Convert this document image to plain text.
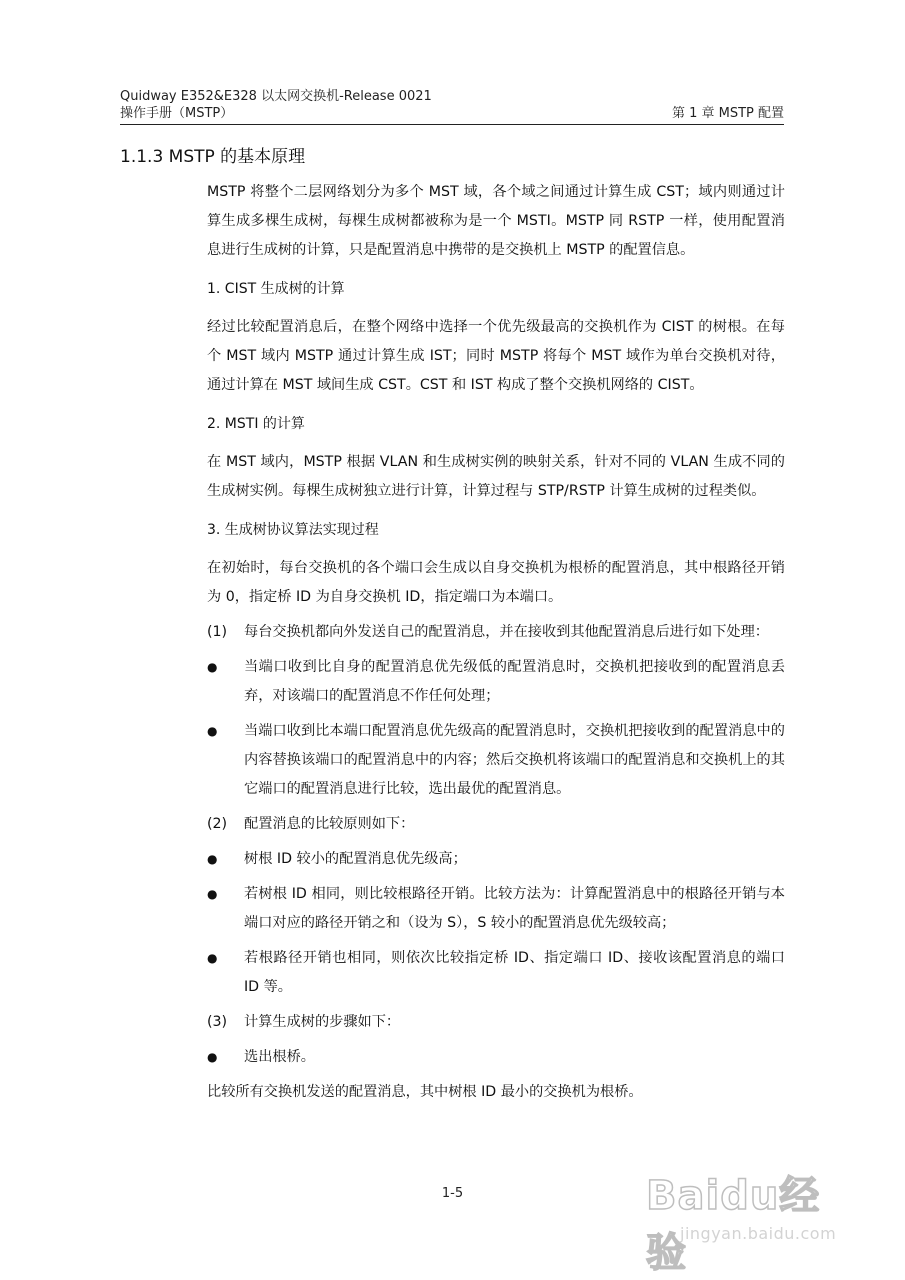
Quidway E352&E328 以太网交换机-Release 0021
操作手册（MSTP）	第 1 章 MSTP 配置
1.1.3 MSTP 的基本原理

MSTP 将整个二层网络划分为多个 MST 域，各个域之间通过计算生成 CST；域内则通过计算生成多棵生成树，每棵生成树都被称为是一个 MSTI。MSTP 同 RSTP 一样，使用配置消息进行生成树的计算，只是配置消息中携带的是交换机上 MSTP 的配置信息。

1. CIST 生成树的计算

经过比较配置消息后，在整个网络中选择一个优先级最高的交换机作为 CIST 的树根。在每个 MST 域内 MSTP 通过计算生成 IST；同时 MSTP 将每个 MST 域作为单台交换机对待，通过计算在 MST 域间生成 CST。CST 和 IST 构成了整个交换机网络的 CIST。

2. MSTI 的计算

在 MST 域内，MSTP 根据 VLAN 和生成树实例的映射关系，针对不同的 VLAN 生成不同的生成树实例。每棵生成树独立进行计算，计算过程与 STP/RSTP 计算生成树的过程类似。

3. 生成树协议算法实现过程

在初始时，每台交换机的各个端口会生成以自身交换机为根桥的配置消息，其中根路径开销为 0，指定桥 ID 为自身交换机 ID，指定端口为本端口。

(1) 每台交换机都向外发送自己的配置消息，并在接收到其他配置消息后进行如下处理：

● 当端口收到比自身的配置消息优先级低的配置消息时，交换机把接收到的配置消息丢弃，对该端口的配置消息不作任何处理；

● 当端口收到比本端口配置消息优先级高的配置消息时，交换机把接收到的配置消息中的内容替换该端口的配置消息中的内容；然后交换机将该端口的配置消息和交换机上的其它端口的配置消息进行比较，选出最优的配置消息。

(2) 配置消息的比较原则如下：

● 树根 ID 较小的配置消息优先级高；

● 若树根 ID 相同，则比较根路径开销。比较方法为：计算配置消息中的根路径开销与本端口对应的路径开销之和（设为 S），S 较小的配置消息优先级较高；

● 若根路径开销也相同，则依次比较指定桥 ID、指定端口 ID、接收该配置消息的端口 ID 等。

(3) 计算生成树的步骤如下：

● 选出根桥。

比较所有交换机发送的配置消息，其中树根 ID 最小的交换机为根桥。

1-5	Baidu经验
jingyan.baidu.com
